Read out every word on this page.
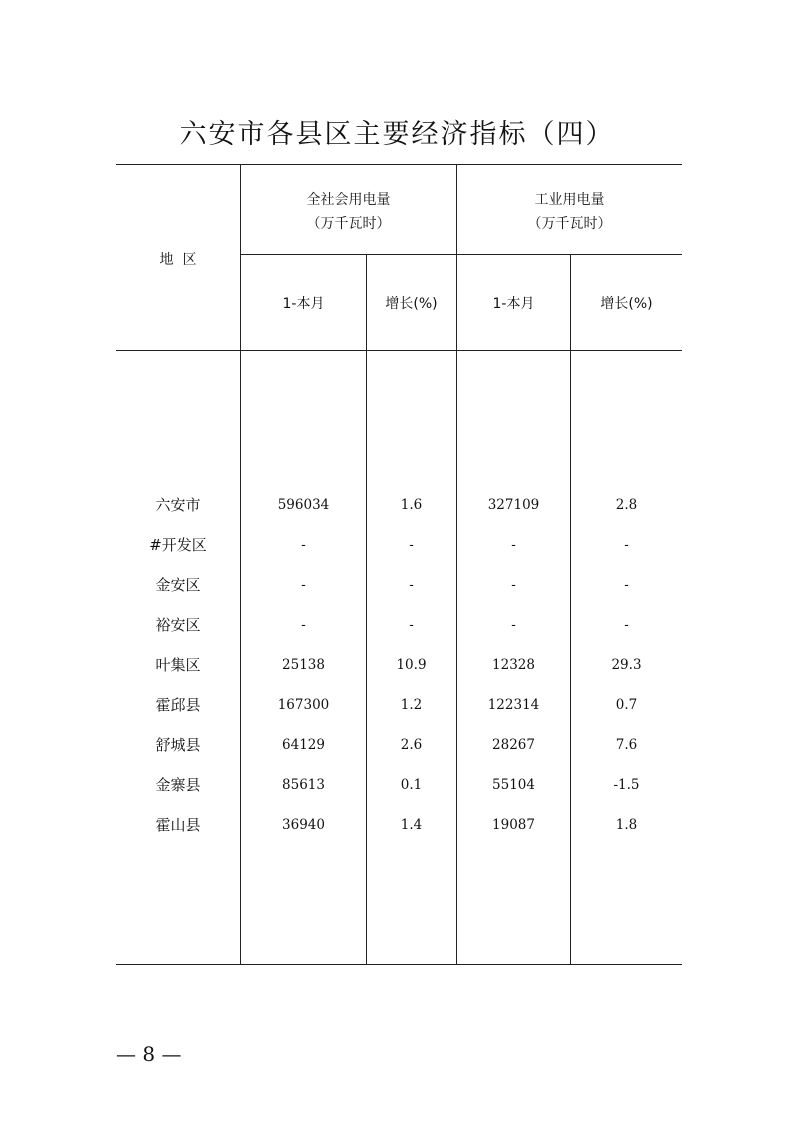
六安市各县区主要经济指标（四）
地  区
全社会用电量
（万千瓦时）
工业用电量
（万千瓦时）
1-本月	增长(%)	1-本月	增长(%)
六安市	596034	1.6	327109	2.8
#开发区	-	-	-	-
金安区	-	-	-	-
裕安区	-	-	-	-
叶集区	25138	10.9	12328	29.3
霍邱县	167300	1.2	122314	0.7
舒城县	64129	2.6	28267	7.6
金寨县	85613	0.1	55104	-1.5
霍山县	36940	1.4	19087	1.8
— 8 —
